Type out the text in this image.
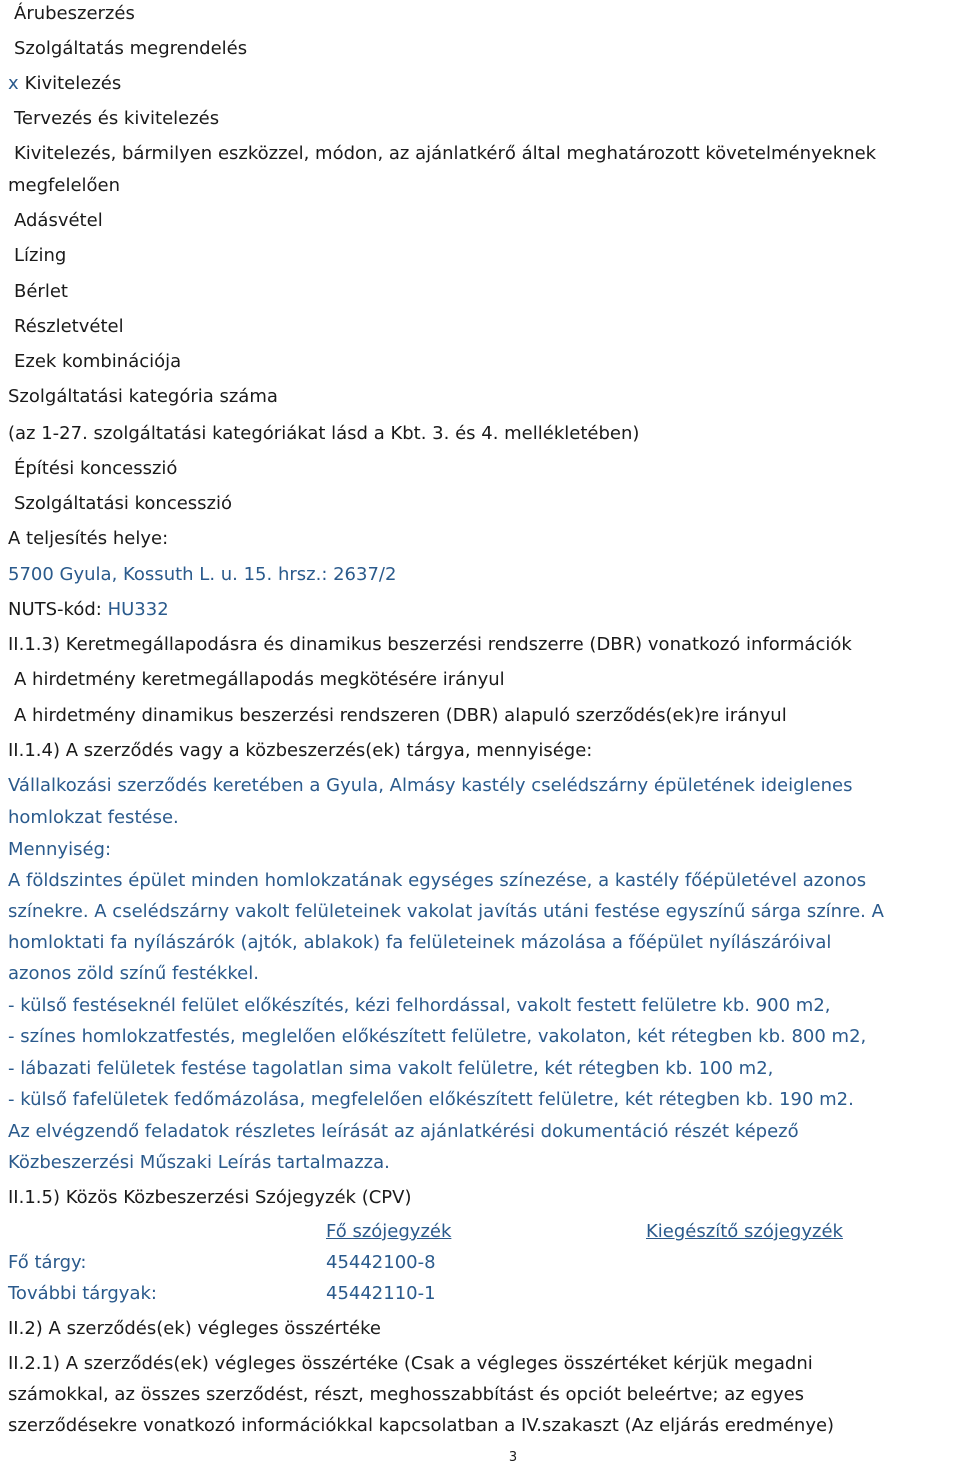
Árubeszerzés
Szolgáltatás megrendelés
x Kivitelezés
Tervezés és kivitelezés
Kivitelezés, bármilyen eszközzel, módon, az ajánlatkérő által meghatározott követelményeknek
megfelelően
Adásvétel
Lízing
Bérlet
Részletvétel
Ezek kombinációja
Szolgáltatási kategória száma
(az 1-27. szolgáltatási kategóriákat lásd a Kbt. 3. és 4. mellékletében)
Építési koncesszió
Szolgáltatási koncesszió
A teljesítés helye:
5700 Gyula, Kossuth L. u. 15. hrsz.: 2637/2
NUTS-kód: HU332
II.1.3) Keretmegállapodásra és dinamikus beszerzési rendszerre (DBR) vonatkozó információk
A hirdetmény keretmegállapodás megkötésére irányul
A hirdetmény dinamikus beszerzési rendszeren (DBR) alapuló szerződés(ek)re irányul
II.1.4) A szerződés vagy a közbeszerzés(ek) tárgya, mennyisége:
Vállalkozási szerződés keretében a Gyula, Almásy kastély cselédszárny épületének ideiglenes
homlokzat festése.
Mennyiség:
A földszintes épület minden homlokzatának egységes színezése, a kastély főépületével azonos
színekre. A cselédszárny vakolt felületeinek vakolat javítás utáni festése egyszínű sárga színre. A
homloktati fa nyílászárók (ajtók, ablakok) fa felületeinek mázolása a főépület nyílászáróival
azonos zöld színű festékkel.
- külső festéseknél felület előkészítés, kézi felhordással, vakolt festett felületre kb. 900 m2,
- színes homlokzatfestés, meglelően előkészített felületre, vakolaton, két rétegben kb. 800 m2,
- lábazati felületek festése tagolatlan sima vakolt felületre, két rétegben kb. 100 m2,
- külső fafelületek fedőmázolása, megfelelően előkészített felületre, két rétegben kb. 190 m2.
Az elvégzendő feladatok részletes leírását az ajánlatkérési dokumentáció részét képező
Közbeszerzési Műszaki Leírás tartalmazza.
II.1.5) Közös Közbeszerzési Szójegyzék (CPV)
Fő szójegyzék	Kiegészítő szójegyzék
Fő tárgy:	45442100-8
További tárgyak:	45442110-1
II.2) A szerződés(ek) végleges összértéke
II.2.1) A szerződés(ek) végleges összértéke (Csak a végleges összértéket kérjük megadni
számokkal, az összes szerződést, részt, meghosszabbítást és opciót beleértve; az egyes
szerződésekre vonatkozó információkkal kapcsolatban a IV.szakaszt (Az eljárás eredménye)
3
